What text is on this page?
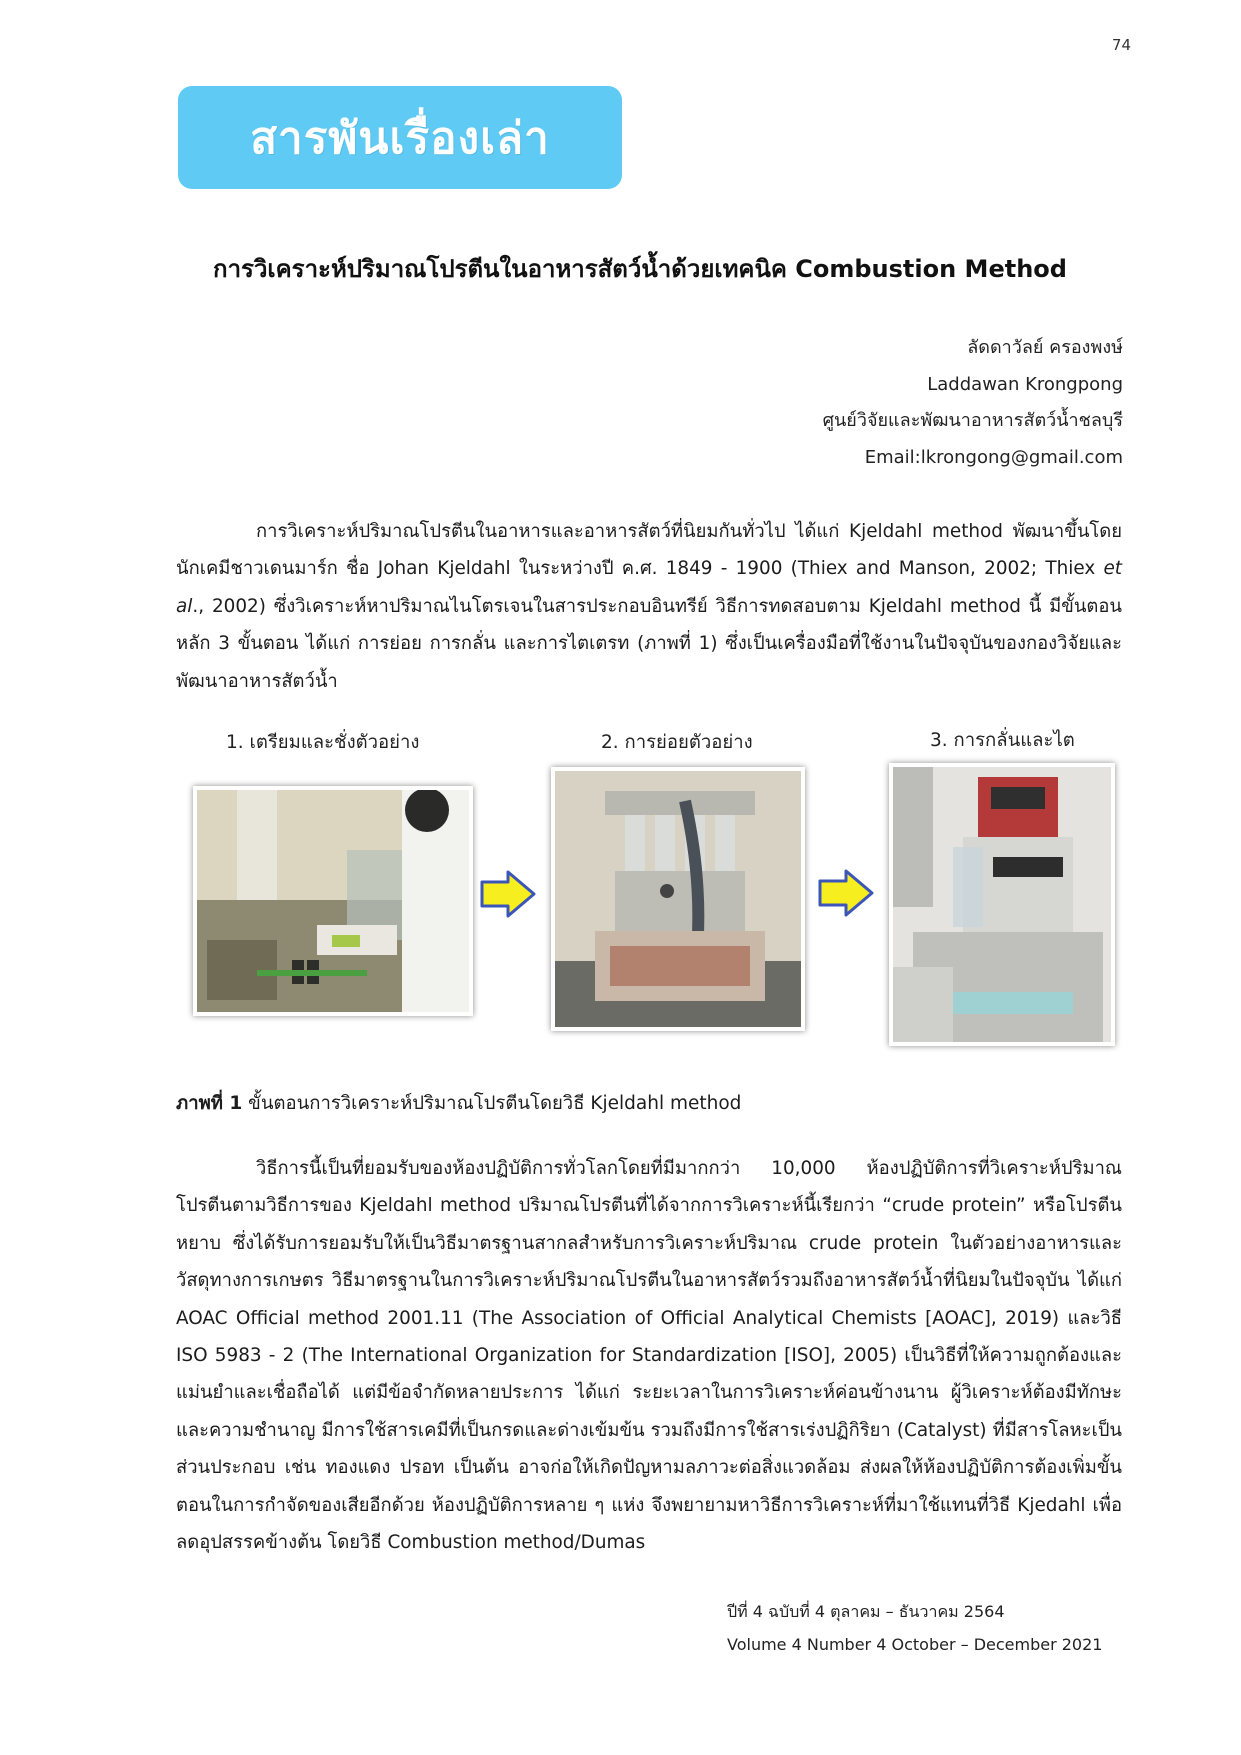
74
สารพันเรื่องเล่า
การวิเคราะห์ปริมาณโปรตีนในอาหารสัตว์น้ำด้วยเทคนิค Combustion Method
ลัดดาวัลย์ ครองพงษ์
Laddawan Krongpong
ศูนย์วิจัยและพัฒนาอาหารสัตว์น้ำชลบุรี
Email:lkrongong@gmail.com
การวิเคราะห์ปริมาณโปรตีนในอาหารและอาหารสัตว์ที่นิยมกันทั่วไป ได้แก่ Kjeldahl method พัฒนาขึ้นโดยนักเคมีชาวเดนมาร์ก ชื่อ Johan Kjeldahl ในระหว่างปี ค.ศ. 1849 - 1900 (Thiex and Manson, 2002; Thiex et al., 2002) ซึ่งวิเคราะห์หาปริมาณไนโตรเจนในสารประกอบอินทรีย์ วิธีการทดสอบตาม Kjeldahl method นี้ มีขั้นตอนหลัก 3 ขั้นตอน ได้แก่ การย่อย การกลั่น และการไตเตรท (ภาพที่ 1) ซึ่งเป็นเครื่องมือที่ใช้งานในปัจจุบันของกองวิจัยและพัฒนาอาหารสัตว์น้ำ
1. เตรียมและชั่งตัวอย่าง	2. การย่อยตัวอย่าง	3. การกลั่นและไต
ภาพที่ 1 ขั้นตอนการวิเคราะห์ปริมาณโปรตีนโดยวิธี Kjeldahl method
วิธีการนี้เป็นที่ยอมรับของห้องปฏิบัติการทั่วโลกโดยที่มีมากกว่า 10,000 ห้องปฏิบัติการที่วิเคราะห์ปริมาณโปรตีนตามวิธีการของ Kjeldahl method ปริมาณโปรตีนที่ได้จากการวิเคราะห์นี้เรียกว่า “crude protein” หรือโปรตีนหยาบ ซึ่งได้รับการยอมรับให้เป็นวิธีมาตรฐานสากลสำหรับการวิเคราะห์ปริมาณ crude protein ในตัวอย่างอาหารและวัสดุทางการเกษตร วิธีมาตรฐานในการวิเคราะห์ปริมาณโปรตีนในอาหารสัตว์รวมถึงอาหารสัตว์น้ำที่นิยมในปัจจุบัน ได้แก่ AOAC Official method 2001.11 (The Association of Official Analytical Chemists [AOAC], 2019) และวิธี ISO 5983 - 2 (The International Organization for Standardization [ISO], 2005) เป็นวิธีที่ให้ความถูกต้องและแม่นยำและเชื่อถือได้ แต่มีข้อจำกัดหลายประการ ได้แก่ ระยะเวลาในการวิเคราะห์ค่อนข้างนาน ผู้วิเคราะห์ต้องมีทักษะและความชำนาญ มีการใช้สารเคมีที่เป็นกรดและด่างเข้มข้น รวมถึงมีการใช้สารเร่งปฏิกิริยา (Catalyst) ที่มีสารโลหะเป็นส่วนประกอบ เช่น ทองแดง ปรอท เป็นต้น อาจก่อให้เกิดปัญหามลภาวะต่อสิ่งแวดล้อม ส่งผลให้ห้องปฏิบัติการต้องเพิ่มขั้นตอนในการกำจัดของเสียอีกด้วย ห้องปฏิบัติการหลาย ๆ แห่ง จึงพยายามหาวิธีการวิเคราะห์ที่มาใช้แทนที่วิธี Kjedahl เพื่อลดอุปสรรคข้างต้น โดยวิธี Combustion method/Dumas
ปีที่ 4 ฉบับที่ 4 ตุลาคม – ธันวาคม 2564
Volume 4 Number 4 October – December 2021
